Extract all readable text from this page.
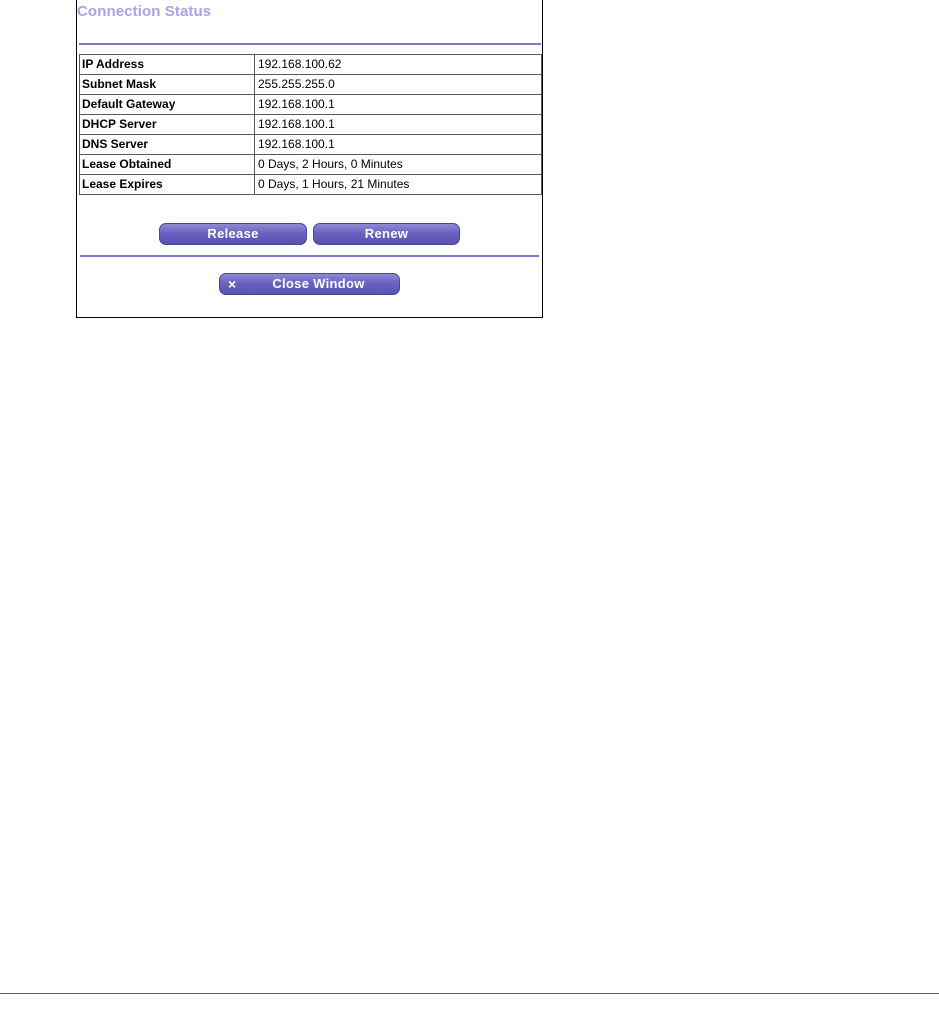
Connection Status
IP Address	192.168.100.62
Subnet Mask	255.255.255.0
Default Gateway	192.168.100.1
DHCP Server	192.168.100.1
DNS Server	192.168.100.1
Lease Obtained	0 Days, 2 Hours, 0 Minutes
Lease Expires	0 Days, 1 Hours, 21 Minutes
Release	Renew
×	Close Window
